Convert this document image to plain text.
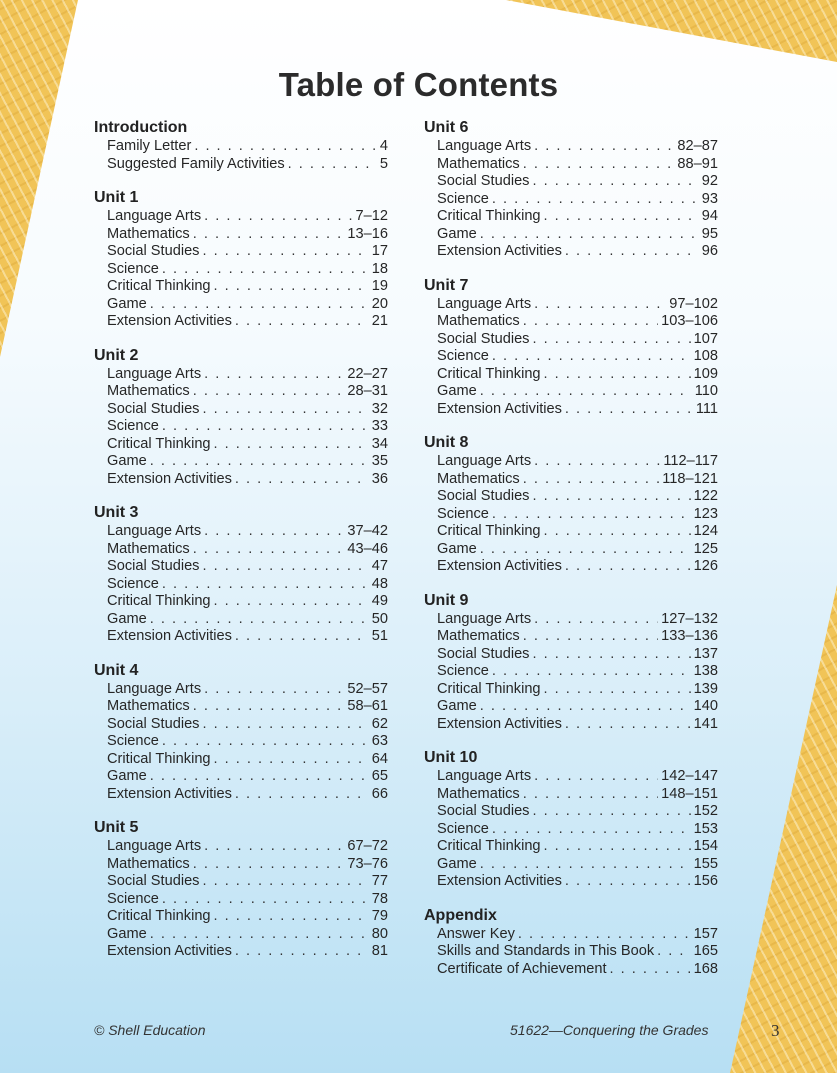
Table of Contents
Introduction
Family Letter . . .	4
Suggested Family Activities . . .	5
Unit 1
Language Arts . . .	7–12
Mathematics . . .	13–16
Social Studies . . .	17
Science . . .	18
Critical Thinking . . .	19
Game . . .	20
Extension Activities . . .	21
Unit 2
Language Arts . . .	22–27
Mathematics . . .	28–31
Social Studies . . .	32
Science . . .	33
Critical Thinking . . .	34
Game . . .	35
Extension Activities . . .	36
Unit 3
Language Arts . . .	37–42
Mathematics . . .	43–46
Social Studies . . .	47
Science . . .	48
Critical Thinking . . .	49
Game . . .	50
Extension Activities . . .	51
Unit 4
Language Arts . . .	52–57
Mathematics . . .	58–61
Social Studies . . .	62
Science . . .	63
Critical Thinking . . .	64
Game . . .	65
Extension Activities . . .	66
Unit 5
Language Arts . . .	67–72
Mathematics . . .	73–76
Social Studies . . .	77
Science . . .	78
Critical Thinking . . .	79
Game . . .	80
Extension Activities . . .	81
Unit 6
Language Arts . . .	82–87
Mathematics . . .	88–91
Social Studies . . .	92
Science . . .	93
Critical Thinking . . .	94
Game . . .	95
Extension Activities . . .	96
Unit 7
Language Arts . . .	97–102
Mathematics . . .	103–106
Social Studies . . .	107
Science . . .	108
Critical Thinking . . .	109
Game . . .	110
Extension Activities . . .	111
Unit 8
Language Arts . . .	112–117
Mathematics . . .	118–121
Social Studies . . .	122
Science . . .	123
Critical Thinking . . .	124
Game . . .	125
Extension Activities . . .	126
Unit 9
Language Arts . . .	127–132
Mathematics . . .	133–136
Social Studies . . .	137
Science . . .	138
Critical Thinking . . .	139
Game . . .	140
Extension Activities . . .	141
Unit 10
Language Arts . . .	142–147
Mathematics . . .	148–151
Social Studies . . .	152
Science . . .	153
Critical Thinking . . .	154
Game . . .	155
Extension Activities . . .	156
Appendix
Answer Key . . .	157
Skills and Standards in This Book . . .	165
Certificate of Achievement . . .	168
© Shell Education	51622—Conquering the Grades	3
